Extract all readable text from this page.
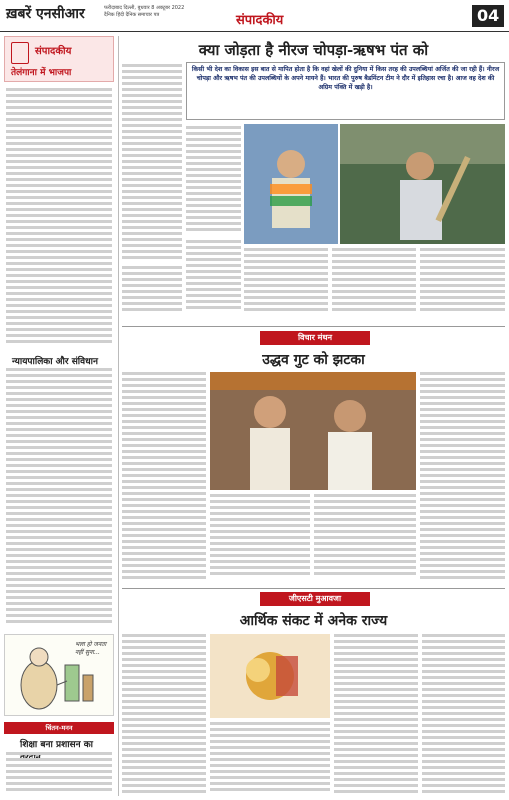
ख़बरें एनसीआर	फरीदाबाद दिल्ली, बुधवार 8 अक्टूबर 2022
दैनिक हिंदी दैनिक समाचार पत्र	संपादकीय	04
संपादकीय
तेलंगाना में भाजपा
न्यायपालिका और संविधान
भला हो जनता नहीं सुना...
चिंतन-मनन
शिक्षा बना प्रशासन का
क्या जोड़ता है नीरज चोपड़ा-ऋषभ पंत को
किसी भी देश का विकास इस बात से मापित होता है कि वहां खेलों की दुनिया में किस तरह की उपलब्धियां अर्जित की जा रही हैं। नीरज चोपड़ा और ऋषभ पंत की उपलब्धियों के अपने मायने हैं। भारत की पुरुष बैडमिंटन टीम ने दौर में इतिहास रचा है। आज वह देश की अग्रिम पंक्ति में खड़ी है।
विचार मंथन
उद्धव गुट को झटका
जीएसटी मुआवजा
आर्थिक संकट में अनेक राज्य
